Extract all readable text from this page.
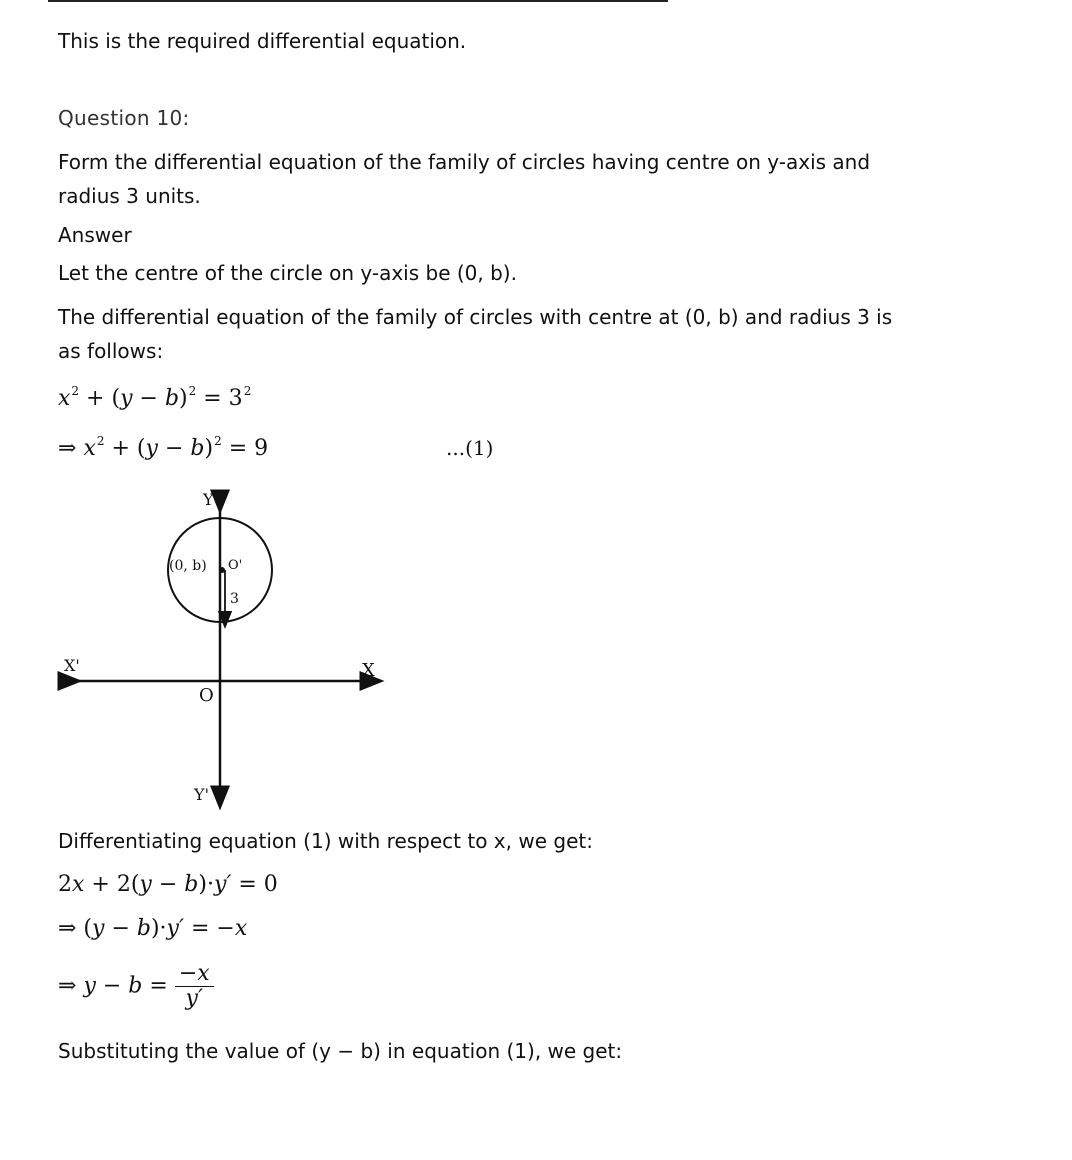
This is the required differential equation.

Question 10:

Form the differential equation of the family of circles having centre on y-axis and

radius 3 units.

Answer

Let the centre of the circle on y-axis be (0, b).

The differential equation of the family of circles with centre at (0, b) and radius 3 is

as follows:

$x^2 + (y - b)^2 = 3^2$
⇒ $x^2 + (y - b)^2 = 9$	...(1)
Y
Y'
X
X'
O
(0, b) O'
3

Differentiating equation (1) with respect to x, we get:

2x + 2(y − b)·y′ = 0
⇒ (y − b)·y′ = −x
⇒ $y - b = \frac{-x}{y'}$

Substituting the value of (y − b) in equation (1), we get:
